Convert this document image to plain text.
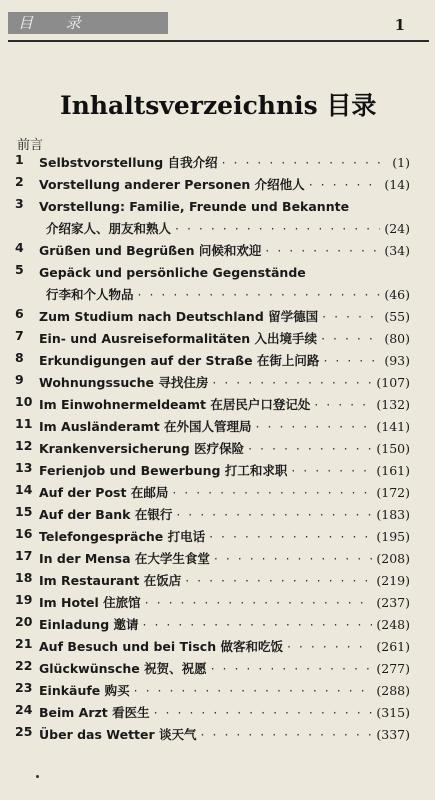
目 录	1
Inhaltsverzeichnis 目录
前言
1	Selbstvorstellung 自我介绍 · · ·	(1)
2	Vorstellung anderer Personen 介绍他人 · · ·	(14)
3	Vorstellung: Familie, Freunde und Bekannte
介绍家人、朋友和熟人 · · ·	(24)
4	Grüßen und Begrüßen 问候和欢迎 · · ·	(34)
5	Gepäck und persönliche Gegenstände
行李和个人物品 · · ·	(46)
6	Zum Studium nach Deutschland 留学德国 · · ·	(55)
7	Ein- und Ausreiseformalitäten 入出境手续 · · ·	(80)
8	Erkundigungen auf der Straße 在街上问路 · · ·	(93)
9	Wohnungssuche 寻找住房 · · ·	(107)
10 Im Einwohnermeldeamt 在居民户口登记处 · · ·	(132)
11 Im Ausländeramt 在外国人管理局 · · ·	(141)
12 Krankenversicherung 医疗保险 · · ·	(150)
13 Ferienjob und Bewerbung 打工和求职 · · ·	(161)
14 Auf der Post 在邮局 · · ·	(172)
15 Auf der Bank 在银行 · · ·	(183)
16 Telefongespräche 打电话 · · ·	(195)
17 In der Mensa 在大学生食堂 · · ·	(208)
18 Im Restaurant 在饭店 · · ·	(219)
19 Im Hotel 住旅馆 · · ·	(237)
20 Einladung 邀请 · · ·	(248)
21 Auf Besuch und bei Tisch 做客和吃饭 · · ·	(261)
22 Glückwünsche 祝贺、祝愿 · · ·	(277)
23 Einkäufe 购买 · · ·	(288)
24 Beim Arzt 看医生 · · ·	(315)
25 Über das Wetter 谈天气 · · ·	(337)
